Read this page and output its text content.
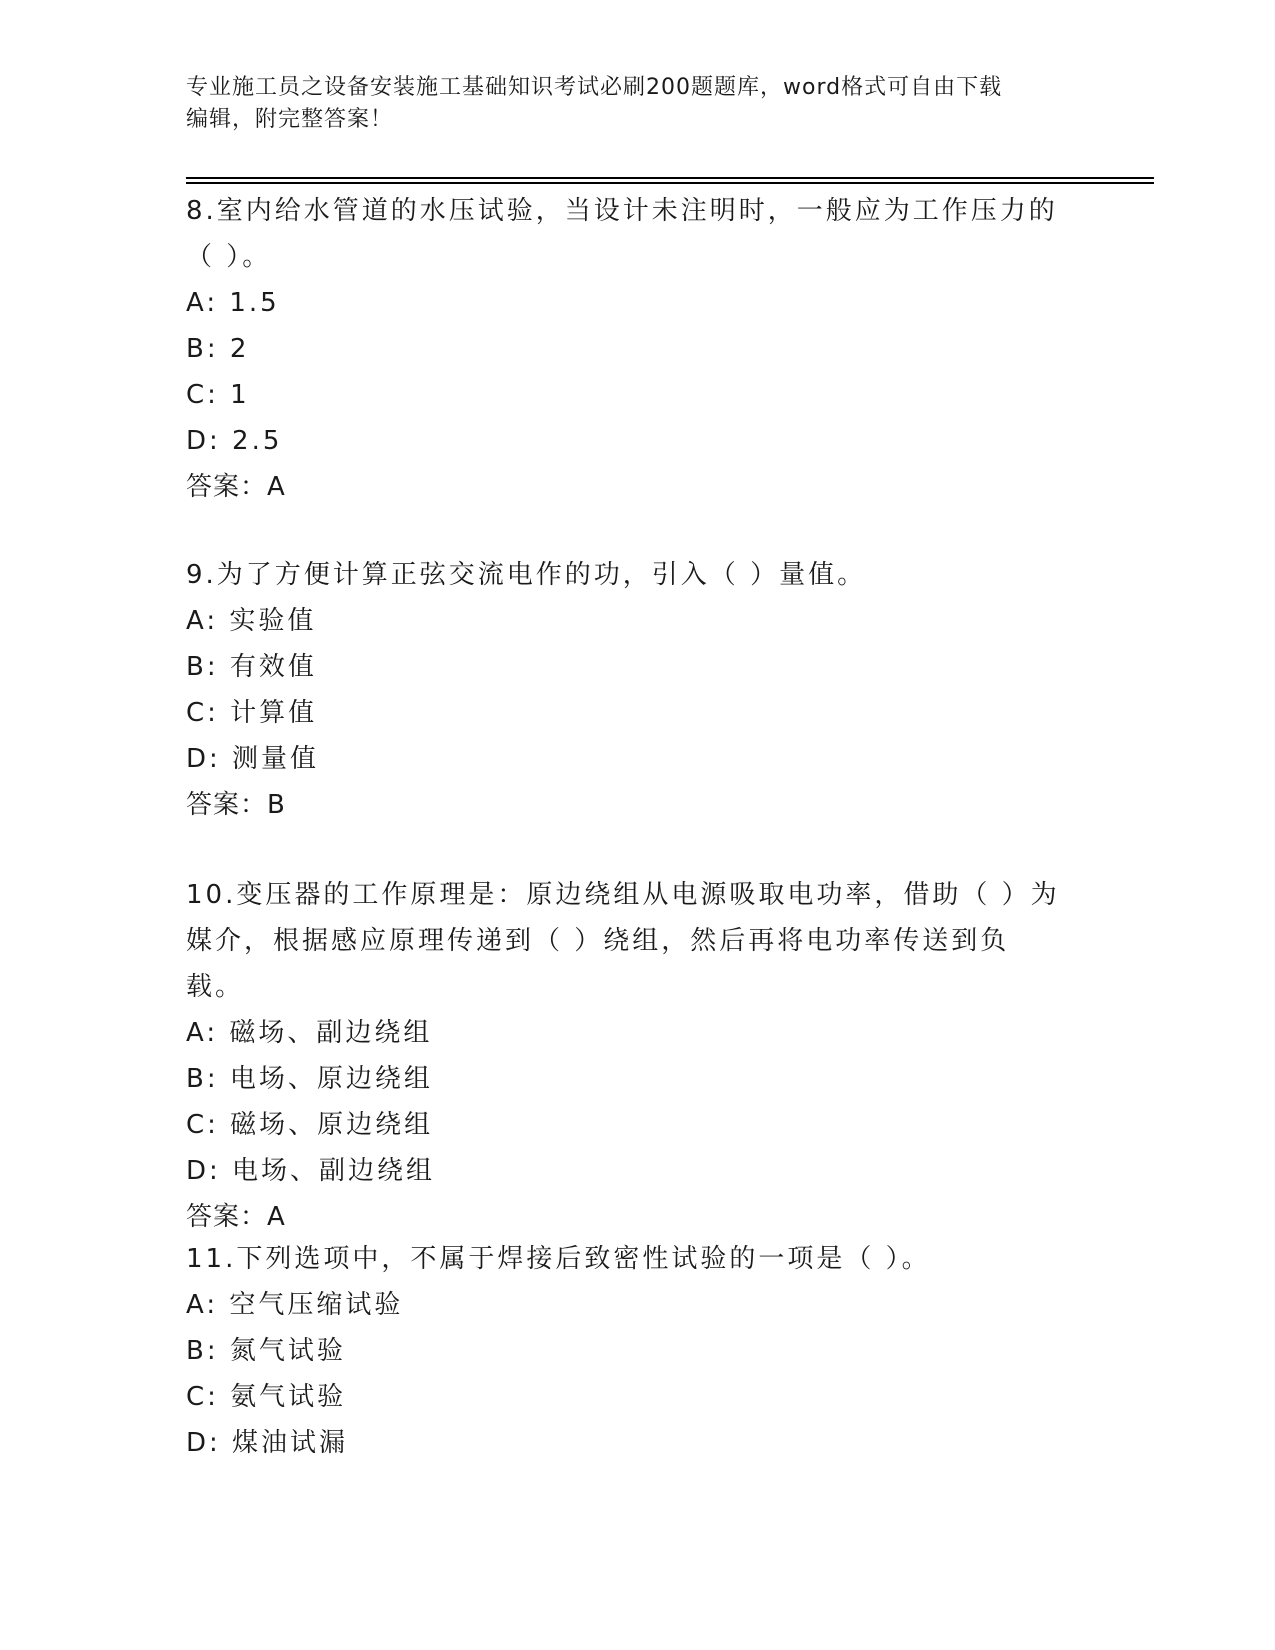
专业施工员之设备安装施工基础知识考试必刷200题题库，word格式可自由下载
编辑，附完整答案！

8.室内给水管道的水压试验，当设计未注明时，一般应为工作压力的

（ ）。

A: 1.5

B: 2

C: 1

D: 2.5

答案：A

9.为了方便计算正弦交流电作的功，引入（ ）量值。

A: 实验值

B: 有效值

C: 计算值

D: 测量值

答案：B

10.变压器的工作原理是：原边绕组从电源吸取电功率，借助（ ）为

媒介，根据感应原理传递到（ ）绕组，然后再将电功率传送到负载。

A: 磁场、副边绕组

B: 电场、原边绕组

C: 磁场、原边绕组

D: 电场、副边绕组

答案：A

11.下列选项中，不属于焊接后致密性试验的一项是（ ）。

A: 空气压缩试验

B: 氮气试验

C: 氨气试验

D: 煤油试漏
